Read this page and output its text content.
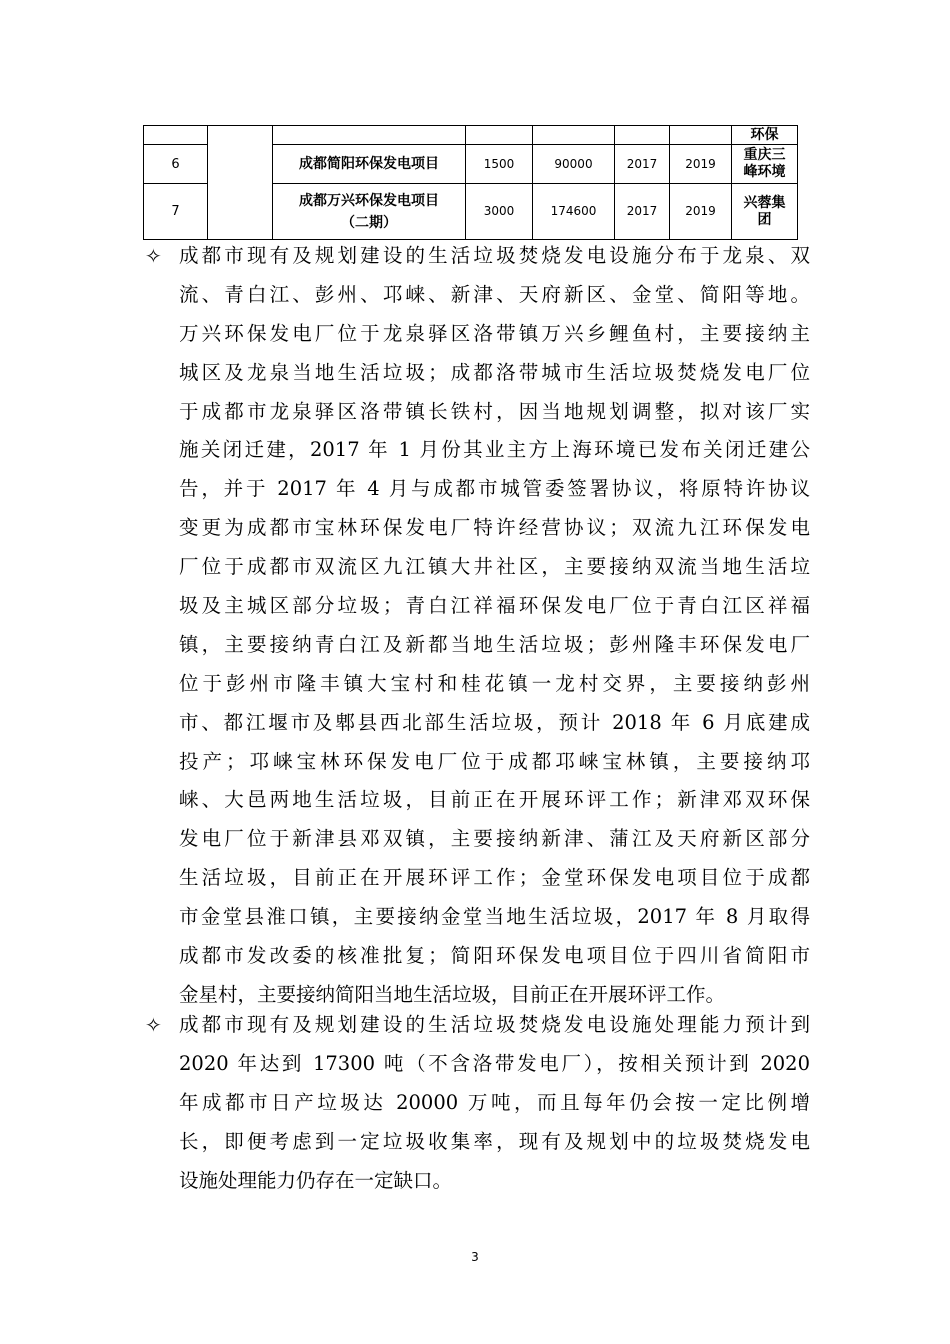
							环保

6		成都简阳环保发电项目	1500	90000	2017	2019	重庆三
峰环境

7		成都万兴环保发电项目
（二期）	3000	174600	2017	2019	兴蓉集
团
✧ 成都市现有及规划建设的生活垃圾焚烧发电设施分布于龙泉、双
流、青白江、彭州、邛崃、新津、天府新区、金堂、简阳等地。
万兴环保发电厂位于龙泉驿区洛带镇万兴乡鲤鱼村，主要接纳主
城区及龙泉当地生活垃圾；成都洛带城市生活垃圾焚烧发电厂位
于成都市龙泉驿区洛带镇长铁村，因当地规划调整，拟对该厂实
施关闭迁建，2017 年 1 月份其业主方上海环境已发布关闭迁建公
告，并于 2017 年 4 月与成都市城管委签署协议，将原特许协议
变更为成都市宝林环保发电厂特许经营协议；双流九江环保发电
厂位于成都市双流区九江镇大井社区，主要接纳双流当地生活垃
圾及主城区部分垃圾；青白江祥福环保发电厂位于青白江区祥福
镇，主要接纳青白江及新都当地生活垃圾；彭州隆丰环保发电厂
位于彭州市隆丰镇大宝村和桂花镇一龙村交界，主要接纳彭州
市、都江堰市及郫县西北部生活垃圾，预计 2018 年 6 月底建成
投产；邛崃宝林环保发电厂位于成都邛崃宝林镇，主要接纳邛
崃、大邑两地生活垃圾，目前正在开展环评工作；新津邓双环保
发电厂位于新津县邓双镇，主要接纳新津、蒲江及天府新区部分
生活垃圾，目前正在开展环评工作；金堂环保发电项目位于成都
市金堂县淮口镇，主要接纳金堂当地生活垃圾，2017 年 8 月取得
成都市发改委的核准批复；简阳环保发电项目位于四川省简阳市
金星村，主要接纳简阳当地生活垃圾，目前正在开展环评工作。
✧ 成都市现有及规划建设的生活垃圾焚烧发电设施处理能力预计到
2020 年达到 17300 吨（不含洛带发电厂），按相关预计到 2020
年成都市日产垃圾达 20000 万吨，而且每年仍会按一定比例增
长，即便考虑到一定垃圾收集率，现有及规划中的垃圾焚烧发电
设施处理能力仍存在一定缺口。
3
